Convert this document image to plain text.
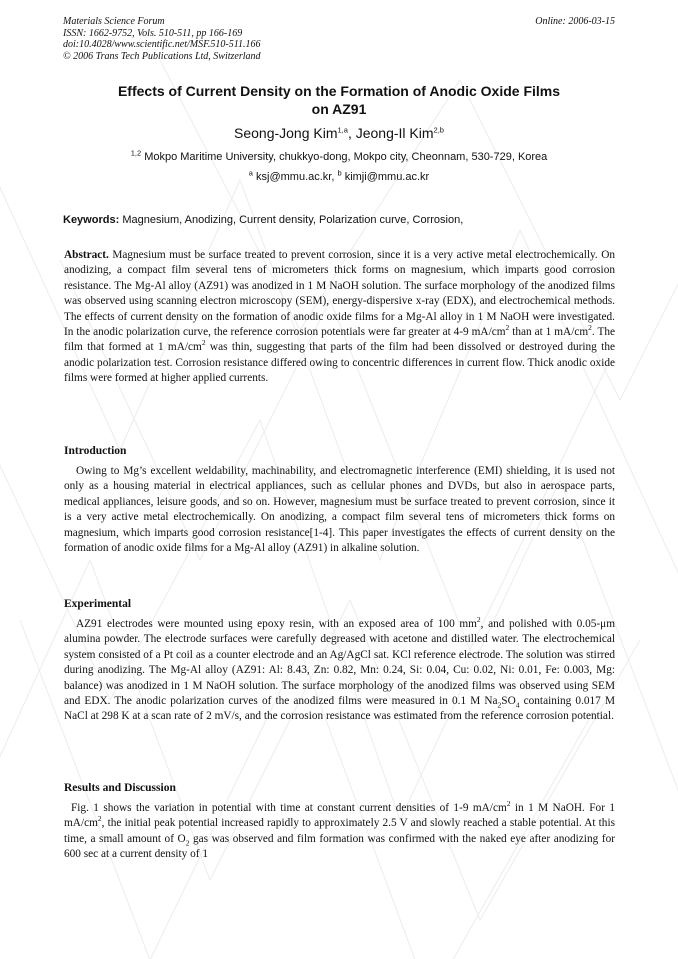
Materials Science Forum
ISSN: 1662-9752, Vols. 510-511, pp 166-169
doi:10.4028/www.scientific.net/MSF.510-511.166
© 2006 Trans Tech Publications Ltd, Switzerland
Online: 2006-03-15
Effects of Current Density on the Formation of Anodic Oxide Films
on AZ91
Seong-Jong Kim$^{1,a}$, Jeong-Il Kim$^{2,b}$
$^{1,2}$ Mokpo Maritime University, chukkyo-dong, Mokpo city, Cheonnam, 530-729, Korea
$^a$ ksj@mmu.ac.kr, $^b$ kimji@mmu.ac.kr
Keywords: Magnesium, Anodizing, Current density, Polarization curve, Corrosion,
Abstract. Magnesium must be surface treated to prevent corrosion, since it is a very active metal electrochemically. On anodizing, a compact film several tens of micrometers thick forms on magnesium, which imparts good corrosion resistance. The Mg-Al alloy (AZ91) was anodized in 1 M NaOH solution. The surface morphology of the anodized films was observed using scanning electron microscopy (SEM), energy-dispersive x-ray (EDX), and electrochemical methods. The effects of current density on the formation of anodic oxide films for a Mg-Al alloy in 1 M NaOH were investigated. In the anodic polarization curve, the reference corrosion potentials were far greater at 4-9 $mA/cm^2$ than at 1 $mA/cm^2$. The film that formed at 1 $mA/cm^2$ was thin, suggesting that parts of the film had been dissolved or destroyed during the anodic polarization test. Corrosion resistance differed owing to concentric differences in current flow. Thick anodic oxide films were formed at higher applied currents.
Introduction
Owing to Mg’s excellent weldability, machinability, and electromagnetic interference (EMI) shielding, it is used not only as a housing material in electrical appliances, such as cellular phones and DVDs, but also in aerospace parts, medical appliances, leisure goods, and so on. However, magnesium must be surface treated to prevent corrosion, since it is a very active metal electrochemically. On anodizing, a compact film several tens of micrometers thick forms on magnesium, which imparts good corrosion resistance[1-4]. This paper investigates the effects of current density on the formation of anodic oxide films for a Mg-Al alloy (AZ91) in alkaline solution.
Experimental
AZ91 electrodes were mounted using epoxy resin, with an exposed area of 100 $mm^2$, and polished with 0.05-μm alumina powder. The electrode surfaces were carefully degreased with acetone and distilled water. The electrochemical system consisted of a Pt coil as a counter electrode and an Ag/AgCl sat. KCl reference electrode. The solution was stirred during anodizing. The Mg-Al alloy (AZ91: Al: 8.43, Zn: 0.82, Mn: 0.24, Si: 0.04, Cu: 0.02, Ni: 0.01, Fe: 0.003, Mg: balance) was anodized in 1 M NaOH solution. The surface morphology of the anodized films was observed using SEM and EDX. The anodic polarization curves of the anodized films were measured in 0.1 M $Na_2SO_4$ containing 0.017 M NaCl at 298 K at a scan rate of 2 mV/s, and the corrosion resistance was estimated from the reference corrosion potential.
Results and Discussion
Fig. 1 shows the variation in potential with time at constant current densities of 1-9 $mA/cm^2$ in 1 M NaOH. For 1 $mA/cm^2$, the initial peak potential increased rapidly to approximately 2.5 V and slowly reached a stable potential. At this time, a small amount of $O_2$ gas was observed and film formation was confirmed with the naked eye after anodizing for 600 sec at a current density of 1
